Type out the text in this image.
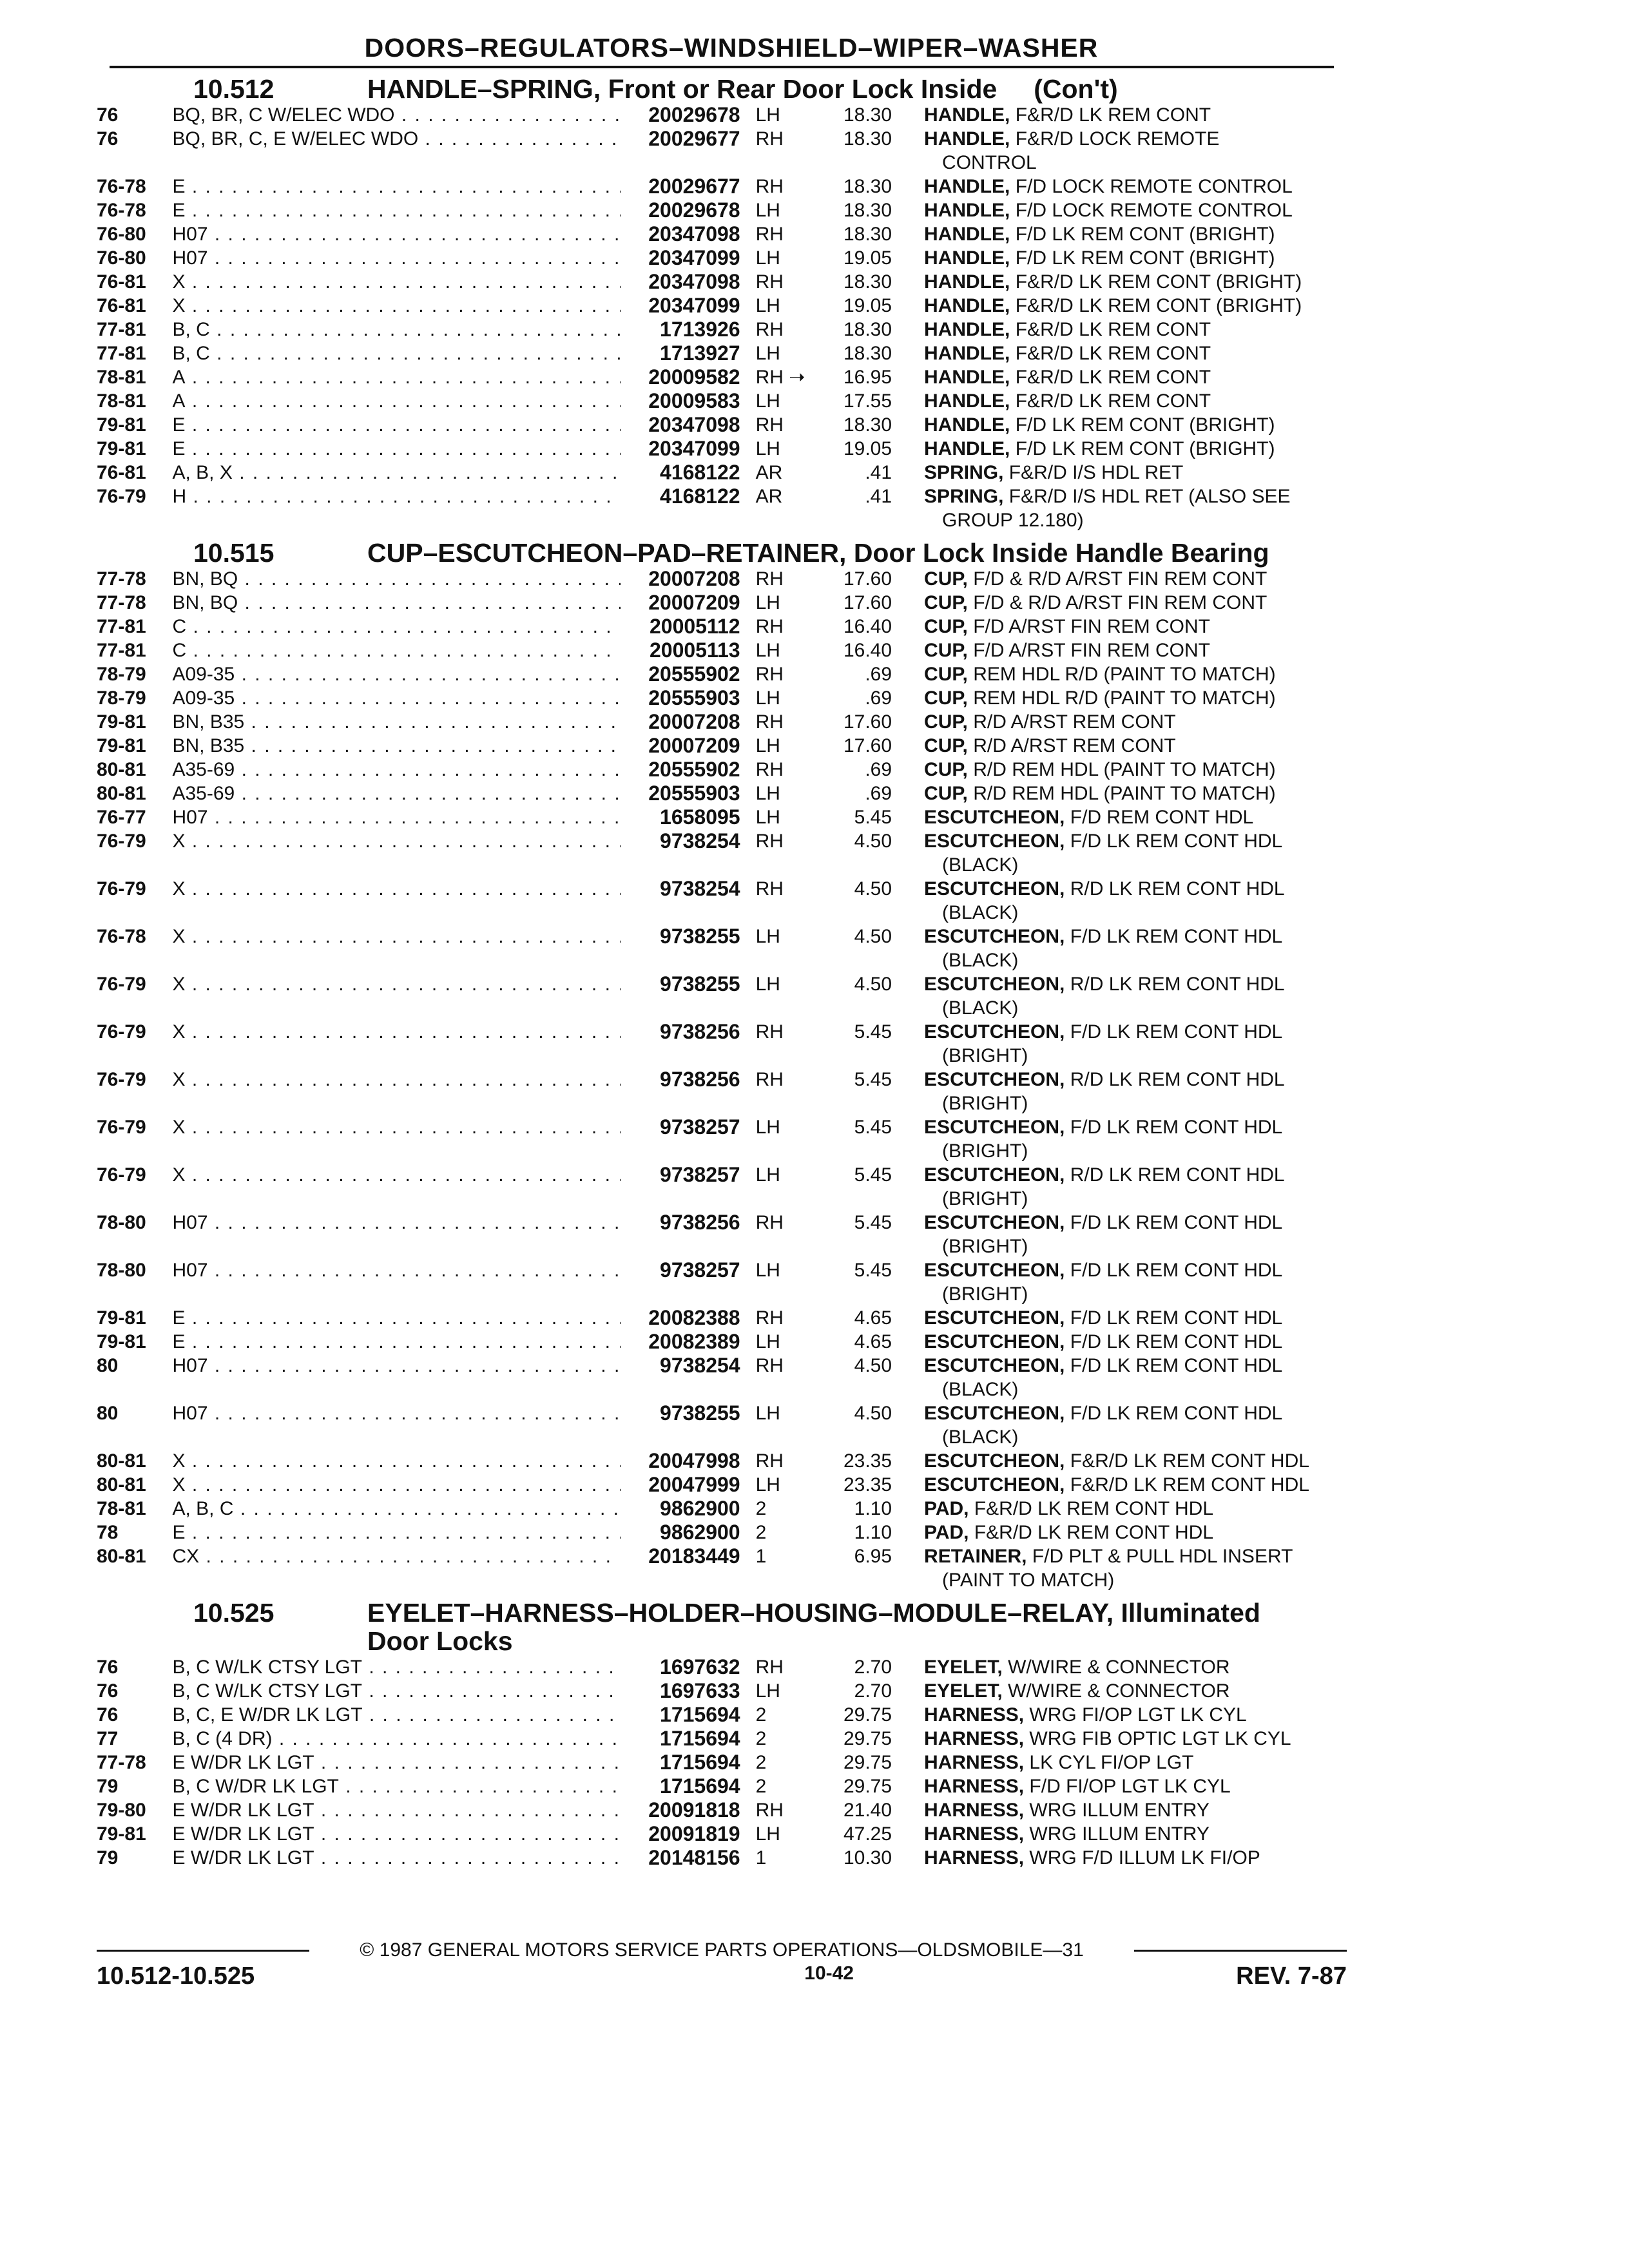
DOORS–REGULATORS–WINDSHIELD–WIPER–WASHER
10.512	HANDLE–SPRING, Front or Rear Door Lock Inside     (Con't)
76	BQ, BR, C W/ELEC WDO . . .	20029678 LH	18.30	HANDLE, F&R/D LK REM CONT
76	BQ, BR, C, E W/ELEC WDO . . .	20029677 RH	18.30	HANDLE, F&R/D LOCK REMOTE
CONTROL
76-78	E . . .	20029677 RH	18.30	HANDLE, F/D LOCK REMOTE CONTROL
76-78	E . . .	20029678 LH	18.30	HANDLE, F/D LOCK REMOTE CONTROL
76-80	H07 . . .	20347098 RH	18.30	HANDLE, F/D LK REM CONT (BRIGHT)
76-80	H07 . . .	20347099 LH	19.05	HANDLE, F/D LK REM CONT (BRIGHT)
76-81	X . . .	20347098 RH	18.30	HANDLE, F&R/D LK REM CONT (BRIGHT)
76-81	X . . .	20347099 LH	19.05	HANDLE, F&R/D LK REM CONT (BRIGHT)
77-81	B, C . . .	1713926 RH	18.30	HANDLE, F&R/D LK REM CONT
77-81	B, C . . .	1713927 LH	18.30	HANDLE, F&R/D LK REM CONT
78-81	A . . .	20009582 RH ➝	16.95	HANDLE, F&R/D LK REM CONT
78-81	A . . .	20009583 LH	17.55	HANDLE, F&R/D LK REM CONT
79-81	E . . .	20347098 RH	18.30	HANDLE, F/D LK REM CONT (BRIGHT)
79-81	E . . .	20347099 LH	19.05	HANDLE, F/D LK REM CONT (BRIGHT)
76-81	A, B, X . . .	4168122 AR	.41	SPRING, F&R/D I/S HDL RET
76-79	H . . .	4168122 AR	.41	SPRING, F&R/D I/S HDL RET (ALSO SEE
GROUP 12.180)
10.515	CUP–ESCUTCHEON–PAD–RETAINER, Door Lock Inside Handle Bearing
77-78	BN, BQ . . .	20007208 RH	17.60	CUP, F/D & R/D A/RST FIN REM CONT
77-78	BN, BQ . . .	20007209 LH	17.60	CUP, F/D & R/D A/RST FIN REM CONT
77-81	C . . .	20005112 RH	16.40	CUP, F/D A/RST FIN REM CONT
77-81	C . . .	20005113 LH	16.40	CUP, F/D A/RST FIN REM CONT
78-79	A09-35 . . .	20555902 RH	.69	CUP, REM HDL R/D (PAINT TO MATCH)
78-79	A09-35 . . .	20555903 LH	.69	CUP, REM HDL R/D (PAINT TO MATCH)
79-81	BN, B35 . . .	20007208 RH	17.60	CUP, R/D A/RST REM CONT
79-81	BN, B35 . . .	20007209 LH	17.60	CUP, R/D A/RST REM CONT
80-81	A35-69 . . .	20555902 RH	.69	CUP, R/D REM HDL (PAINT TO MATCH)
80-81	A35-69 . . .	20555903 LH	.69	CUP, R/D REM HDL (PAINT TO MATCH)
76-77	H07 . . .	1658095 LH	5.45	ESCUTCHEON, F/D REM CONT HDL
76-79	X . . .	9738254 RH	4.50	ESCUTCHEON, F/D LK REM CONT HDL
(BLACK)
76-79	X . . .	9738254 RH	4.50	ESCUTCHEON, R/D LK REM CONT HDL
(BLACK)
76-78	X . . .	9738255 LH	4.50	ESCUTCHEON, F/D LK REM CONT HDL
(BLACK)
76-79	X . . .	9738255 LH	4.50	ESCUTCHEON, R/D LK REM CONT HDL
(BLACK)
76-79	X . . .	9738256 RH	5.45	ESCUTCHEON, F/D LK REM CONT HDL
(BRIGHT)
76-79	X . . .	9738256 RH	5.45	ESCUTCHEON, R/D LK REM CONT HDL
(BRIGHT)
76-79	X . . .	9738257 LH	5.45	ESCUTCHEON, F/D LK REM CONT HDL
(BRIGHT)
76-79	X . . .	9738257 LH	5.45	ESCUTCHEON, R/D LK REM CONT HDL
(BRIGHT)
78-80	H07 . . .	9738256 RH	5.45	ESCUTCHEON, F/D LK REM CONT HDL
(BRIGHT)
78-80	H07 . . .	9738257 LH	5.45	ESCUTCHEON, F/D LK REM CONT HDL
(BRIGHT)
79-81	E . . .	20082388 RH	4.65	ESCUTCHEON, F/D LK REM CONT HDL
79-81	E . . .	20082389 LH	4.65	ESCUTCHEON, F/D LK REM CONT HDL
80	H07 . . .	9738254 RH	4.50	ESCUTCHEON, F/D LK REM CONT HDL
(BLACK)
80	H07 . . .	9738255 LH	4.50	ESCUTCHEON, F/D LK REM CONT HDL
(BLACK)
80-81	X . . .	20047998 RH	23.35	ESCUTCHEON, F&R/D LK REM CONT HDL
80-81	X . . .	20047999 LH	23.35	ESCUTCHEON, F&R/D LK REM CONT HDL
78-81	A, B, C . . .	9862900 2	1.10	PAD, F&R/D LK REM CONT HDL
78	E . . .	9862900 2	1.10	PAD, F&R/D LK REM CONT HDL
80-81	CX . . .	20183449 1	6.95	RETAINER, F/D PLT & PULL HDL INSERT
(PAINT TO MATCH)
10.525	EYELET–HARNESS–HOLDER–HOUSING–MODULE–RELAY, Illuminated
Door Locks
76	B, C W/LK CTSY LGT . . .	1697632 RH	2.70	EYELET, W/WIRE & CONNECTOR
76	B, C W/LK CTSY LGT . . .	1697633 LH	2.70	EYELET, W/WIRE & CONNECTOR
76	B, C, E W/DR LK LGT . . .	1715694 2	29.75	HARNESS, WRG FI/OP LGT LK CYL
77	B, C (4 DR) . . .	1715694 2	29.75	HARNESS, WRG FIB OPTIC LGT LK CYL
77-78	E W/DR LK LGT . . .	1715694 2	29.75	HARNESS, LK CYL FI/OP LGT
79	B, C W/DR LK LGT . . .	1715694 2	29.75	HARNESS, F/D FI/OP LGT LK CYL
79-80	E W/DR LK LGT . . .	20091818 RH	21.40	HARNESS, WRG ILLUM ENTRY
79-81	E W/DR LK LGT . . .	20091819 LH	47.25	HARNESS, WRG ILLUM ENTRY
79	E W/DR LK LGT . . .	20148156 1	10.30	HARNESS, WRG F/D ILLUM LK FI/OP
© 1987 GENERAL MOTORS SERVICE PARTS OPERATIONS—OLDSMOBILE—31
10.512-10.525	10-42	REV. 7-87
